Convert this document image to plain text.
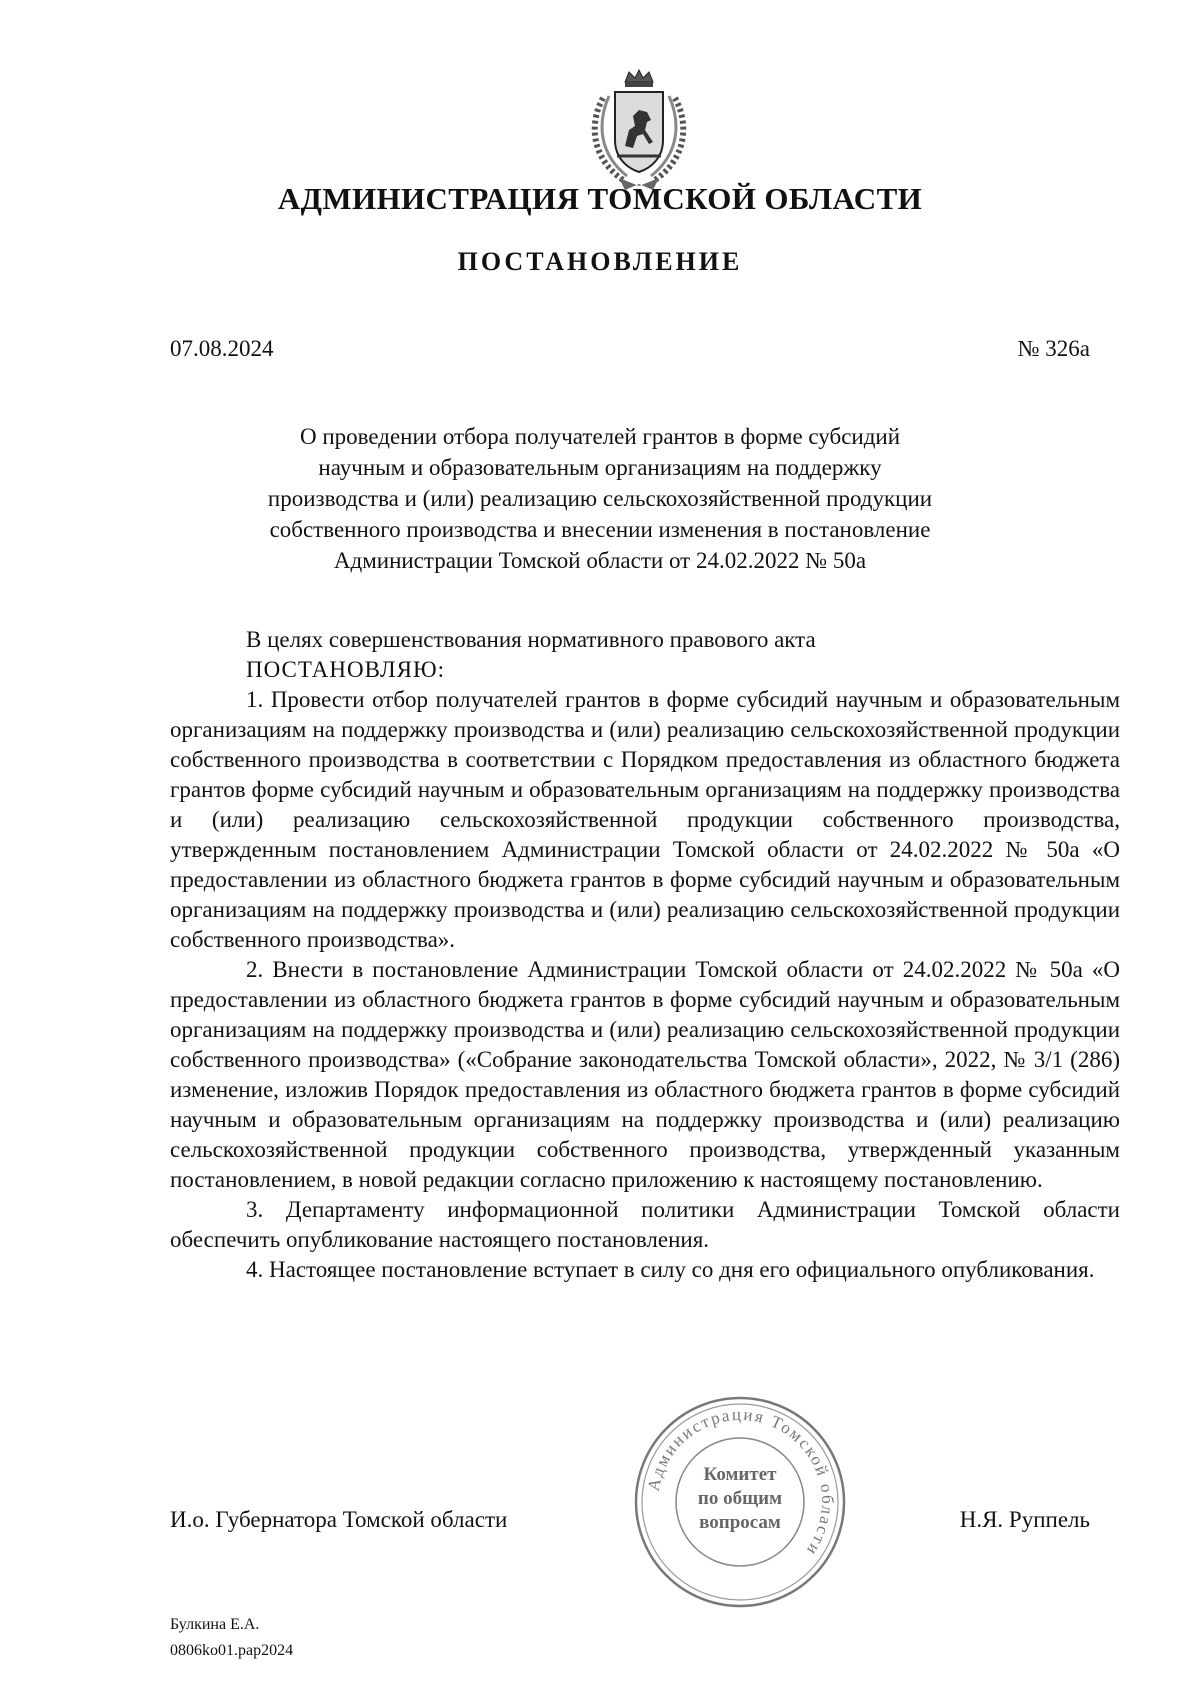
АДМИНИСТРАЦИЯ ТОМСКОЙ ОБЛАСТИ
ПОСТАНОВЛЕНИЕ
07.08.2024	№ 326а
О проведении отбора получателей грантов в форме субсидий
научным и образовательным организациям на поддержку
производства и (или) реализацию сельскохозяйственной продукции
собственного производства и внесении изменения в постановление
Администрации Томской области от 24.02.2022 № 50а
В целях совершенствования нормативного правового акта
ПОСТАНОВЛЯЮ:

1. Провести отбор получателей грантов в форме субсидий научным и образовательным организациям на поддержку производства и (или) реализацию сельскохозяйственной продукции собственного производства в соответствии с Порядком предоставления из областного бюджета грантов форме субсидий научным и образовательным организациям на поддержку производства и (или) реализацию сельскохозяйственной продукции собственного производства, утвержденным постановлением Администрации Томской области от 24.02.2022 № 50а «О предоставлении из областного бюджета грантов в форме субсидий научным и образовательным организациям на поддержку производства и (или) реализацию сельскохозяйственной продукции собственного производства».

2. Внести в постановление Администрации Томской области от 24.02.2022 № 50а «О предоставлении из областного бюджета грантов в форме субсидий научным и образовательным организациям на поддержку производства и (или) реализацию сельскохозяйственной продукции собственного производства» («Собрание законодательства Томской области», 2022, № 3/1 (286) изменение, изложив Порядок предоставления из областного бюджета грантов в форме субсидий научным и образовательным организациям на поддержку производства и (или) реализацию сельскохозяйственной продукции собственного производства, утвержденный указанным постановлением, в новой редакции согласно приложению к настоящему постановлению.

3. Департаменту информационной политики Администрации Томской области обеспечить опубликование настоящего постановления.

4. Настоящее постановление вступает в силу со дня его официального опубликования.

И.о. Губернатора Томской области	Н.Я. Руппель
Администрация Томской области
Комитет
по общим
вопросам
Булкина Е.А.
0806ko01.pap2024
